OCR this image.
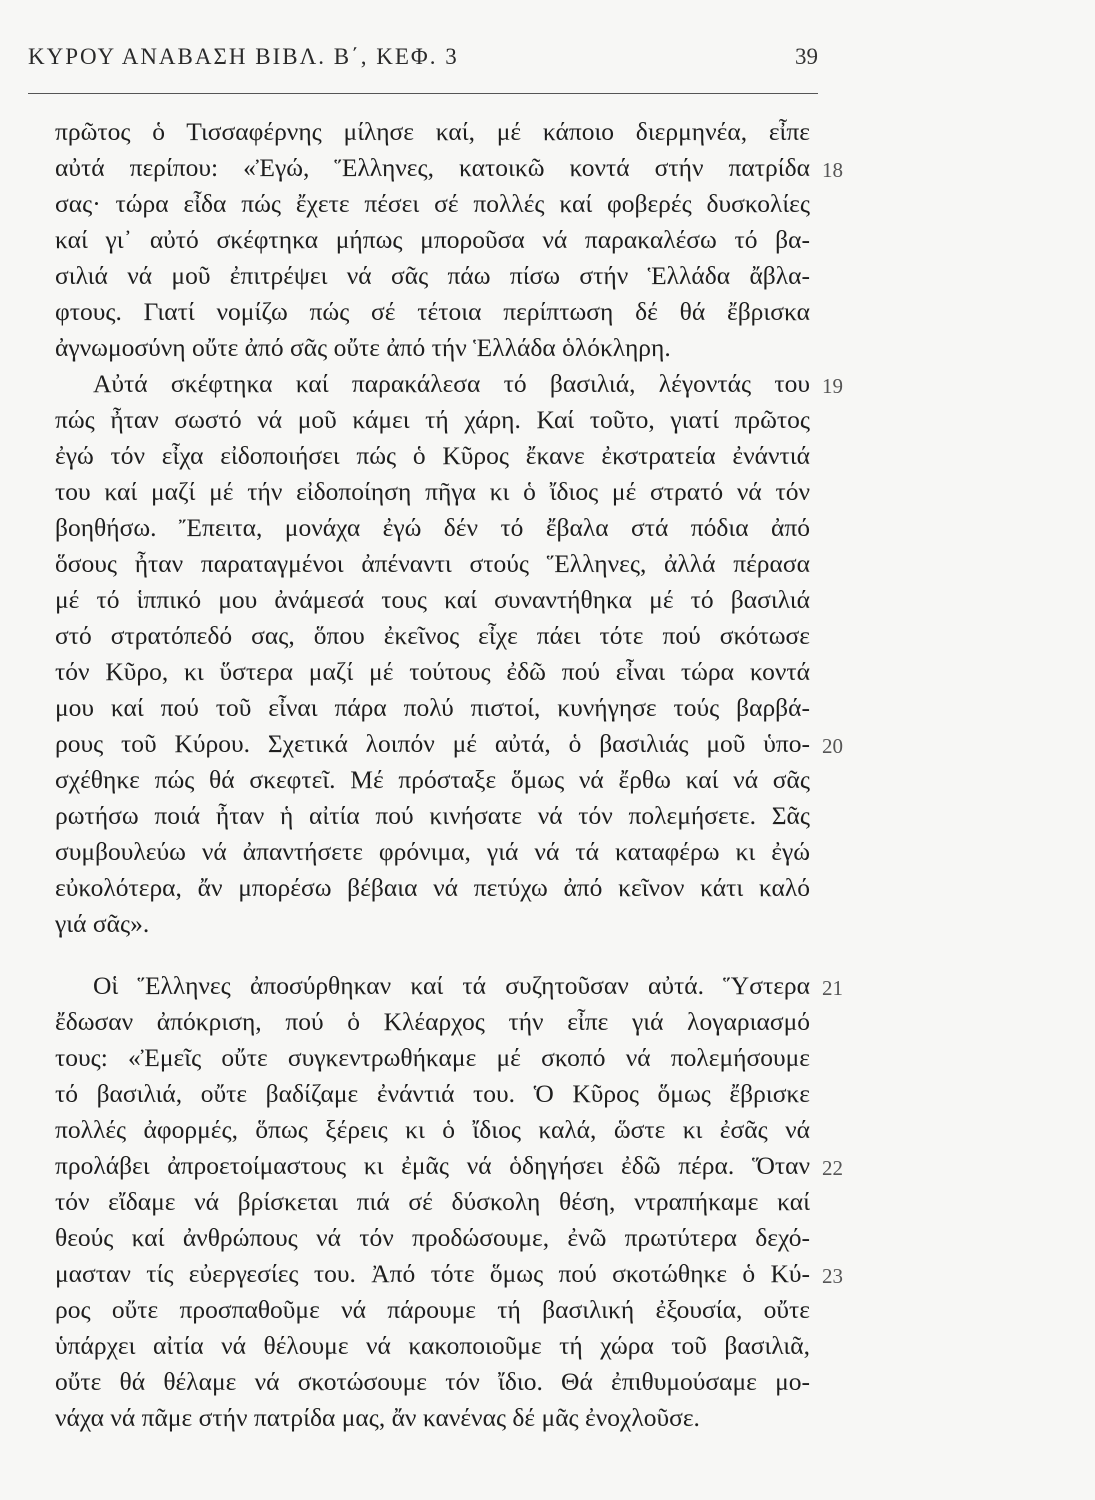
ΚΥΡΟΥ ΑΝΑΒΑΣΗ ΒΙΒΛ. Β΄, ΚΕΦ. 3	39
πρῶτος ὁ Τισσαφέρνης μίλησε καί, μέ κάποιο διερμηνέα, εἶπε
αὐτά περίπου: «Ἐγώ, Ἕλληνες, κατοικῶ κοντά στήν πατρίδα
σας· τώρα εἶδα πώς ἔχετε πέσει σέ πολλές καί φοβερές δυσκολίες
καί γι᾽ αὐτό σκέφτηκα μήπως μποροῦσα νά παρακαλέσω τό βα-
σιλιά νά μοῦ ἐπιτρέψει νά σᾶς πάω πίσω στήν Ἑλλάδα ἄβλα-
φτους. Γιατί νομίζω πώς σέ τέτοια περίπτωση δέ θά ἔβρισκα
ἀγνωμοσύνη οὔτε ἀπό σᾶς οὔτε ἀπό τήν Ἑλλάδα ὁλόκληρη.
Αὐτά σκέφτηκα καί παρακάλεσα τό βασιλιά, λέγοντάς του
πώς ἦταν σωστό νά μοῦ κάμει τή χάρη. Καί τοῦτο, γιατί πρῶτος
ἐγώ τόν εἶχα εἰδοποιήσει πώς ὁ Κῦρος ἔκανε ἐκστρατεία ἐνάντιά
του καί μαζί μέ τήν εἰδοποίηση πῆγα κι ὁ ἴδιος μέ στρατό νά τόν
βοηθήσω. Ἔπειτα, μονάχα ἐγώ δέν τό ἔβαλα στά πόδια ἀπό
ὅσους ἦταν παραταγμένοι ἀπέναντι στούς Ἕλληνες, ἀλλά πέρασα
μέ τό ἱππικό μου ἀνάμεσά τους καί συναντήθηκα μέ τό βασιλιά
στό στρατόπεδό σας, ὅπου ἐκεῖνος εἶχε πάει τότε πού σκότωσε
τόν Κῦρο, κι ὕστερα μαζί μέ τούτους ἐδῶ πού εἶναι τώρα κοντά
μου καί πού τοῦ εἶναι πάρα πολύ πιστοί, κυνήγησε τούς βαρβά-
ρους τοῦ Κύρου. Σχετικά λοιπόν μέ αὐτά, ὁ βασιλιάς μοῦ ὑπο-
σχέθηκε πώς θά σκεφτεῖ. Μέ πρόσταξε ὅμως νά ἔρθω καί νά σᾶς
ρωτήσω ποιά ἦταν ἡ αἰτία πού κινήσατε νά τόν πολεμήσετε. Σᾶς
συμβουλεύω νά ἀπαντήσετε φρόνιμα, γιά νά τά καταφέρω κι ἐγώ
εὐκολότερα, ἄν μπορέσω βέβαια νά πετύχω ἀπό κεῖνον κάτι καλό
γιά σᾶς».
Οἱ Ἕλληνες ἀποσύρθηκαν καί τά συζητοῦσαν αὐτά. Ὕστερα
ἔδωσαν ἀπόκριση, πού ὁ Κλέαρχος τήν εἶπε γιά λογαριασμό
τους: «Ἐμεῖς οὔτε συγκεντρωθήκαμε μέ σκοπό νά πολεμήσουμε
τό βασιλιά, οὔτε βαδίζαμε ἐνάντιά του. Ὁ Κῦρος ὅμως ἔβρισκε
πολλές ἀφορμές, ὅπως ξέρεις κι ὁ ἴδιος καλά, ὥστε κι ἐσᾶς νά
προλάβει ἀπροετοίμαστους κι ἐμᾶς νά ὁδηγήσει ἐδῶ πέρα. Ὅταν
τόν εἴδαμε νά βρίσκεται πιά σέ δύσκολη θέση, ντραπήκαμε καί
θεούς καί ἀνθρώπους νά τόν προδώσουμε, ἐνῶ πρωτύτερα δεχό-
μασταν τίς εὐεργεσίες του. Ἀπό τότε ὅμως πού σκοτώθηκε ὁ Κύ-
ρος οὔτε προσπαθοῦμε νά πάρουμε τή βασιλική ἐξουσία, οὔτε
ὑπάρχει αἰτία νά θέλουμε νά κακοποιοῦμε τή χώρα τοῦ βασιλιᾶ,
οὔτε θά θέλαμε νά σκοτώσουμε τόν ἴδιο. Θά ἐπιθυμούσαμε μο-
νάχα νά πᾶμε στήν πατρίδα μας, ἄν κανένας δέ μᾶς ἐνοχλοῦσε.
18
19
20
21
22
23
